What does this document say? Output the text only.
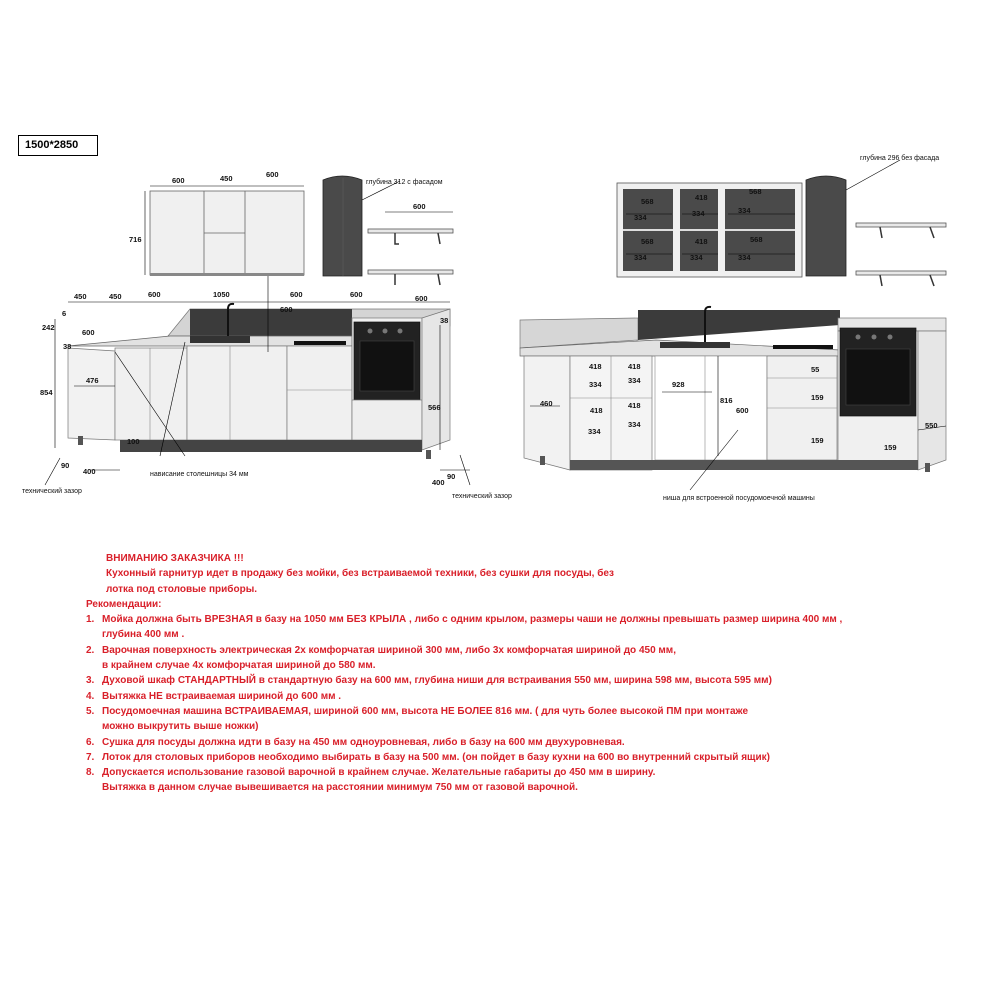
600	450	600
716
600
450	450	600	1050	600	600	600
600
242
6
600
38
38
854
476
100
566
90
400
90
400
глубина 312 с фасадом
нависание столешницы 34 мм
технический зазор
технический зазор
568
334
568
334
418
334
418
334
568
334
568
334
418
334
418
334
418
334
418
334
460
928
816
600
55
159
159
159
550
глубина 296 без фасада
ниша для встроенной посудомоечной машины
1500*2850
ВНИМАНИЮ ЗАКАЗЧИКА !!!
Кухонный гарнитур идет в продажу без мойки, без встраиваемой техники, без сушки для посуды, без
лотка под столовые приборы.
Рекомендации:
1. Мойка должна быть ВРЕЗНАЯ в базу на 1050 мм БЕЗ КРЫЛА , либо с одним крылом, размеры чаши не должны превышать размер ширина 400 мм ,
глубина 400 мм .
2. Варочная поверхность электрическая 2х комфорчатая шириной 300 мм, либо 3х комфорчатая шириной до 450 мм,
в крайнем случае 4х комфорчатая шириной до 580 мм.
3. Духовой шкаф СТАНДАРТНЫЙ в стандартную базу на 600 мм, глубина ниши для встраивания 550 мм, ширина 598 мм, высота 595 мм)
4. Вытяжка НЕ встраиваемая шириной до 600 мм .
5. Посудомоечная машина ВСТРАИВАЕМАЯ, шириной 600 мм, высота НЕ БОЛЕЕ 816 мм. ( для чуть более высокой ПМ при монтаже
можно выкрутить выше ножки)
6. Сушка для посуды должна идти в базу на 450 мм одноуровневая, либо в базу на 600 мм двухуровневая.
7. Лоток для столовых приборов необходимо выбирать в базу на 500 мм. (он пойдет в базу кухни на 600 во внутренний скрытый ящик)
8. Допускается использование газовой варочной в крайнем случае. Желательные габариты до 450 мм в ширину.
Вытяжка в данном случае вывешивается на расстоянии минимум 750 мм от газовой варочной.
